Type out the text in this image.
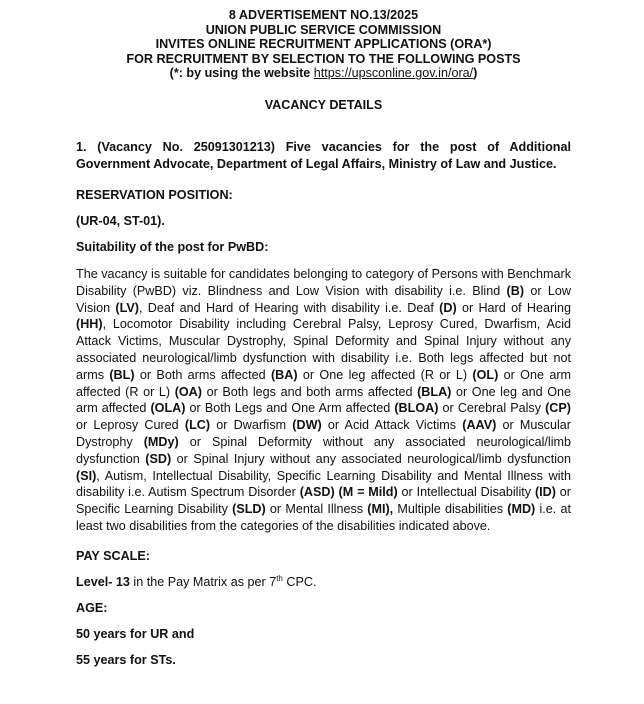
8 ADVERTISEMENT NO.13/2025
UNION PUBLIC SERVICE COMMISSION
INVITES ONLINE RECRUITMENT APPLICATIONS (ORA*)
FOR RECRUITMENT BY SELECTION TO THE FOLLOWING POSTS
(*: by using the website https://upsconline.gov.in/ora/)
VACANCY DETAILS

1. (Vacancy No. 25091301213) Five vacancies for the post of Additional Government Advocate, Department of Legal Affairs, Ministry of Law and Justice.

RESERVATION POSITION:

(UR-04, ST-01).

Suitability of the post for PwBD:

The vacancy is suitable for candidates belonging to category of Persons with Benchmark Disability (PwBD) viz. Blindness and Low Vision with disability i.e. Blind (B) or Low Vision (LV), Deaf and Hard of Hearing with disability i.e. Deaf (D) or Hard of Hearing (HH), Locomotor Disability including Cerebral Palsy, Leprosy Cured, Dwarfism, Acid Attack Victims, Muscular Dystrophy, Spinal Deformity and Spinal Injury without any associated neurological/limb dysfunction with disability i.e. Both legs affected but not arms (BL) or Both arms affected (BA) or One leg affected (R or L) (OL) or One arm affected (R or L) (OA) or Both legs and both arms affected (BLA) or One leg and One arm affected (OLA) or Both Legs and One Arm affected (BLOA) or Cerebral Palsy (CP) or Leprosy Cured (LC) or Dwarfism (DW) or Acid Attack Victims (AAV) or Muscular Dystrophy (MDy) or Spinal Deformity without any associated neurological/limb dysfunction (SD) or Spinal Injury without any associated neurological/limb dysfunction (SI), Autism, Intellectual Disability, Specific Learning Disability and Mental Illness with disability i.e. Autism Spectrum Disorder (ASD) (M = Mild) or Intellectual Disability (ID) or Specific Learning Disability (SLD) or Mental Illness (MI), Multiple disabilities (MD) i.e. at least two disabilities from the categories of the disabilities indicated above.

PAY SCALE:

Level- 13 in the Pay Matrix as per 7th CPC.

AGE:

50 years for UR and

55 years for STs.
